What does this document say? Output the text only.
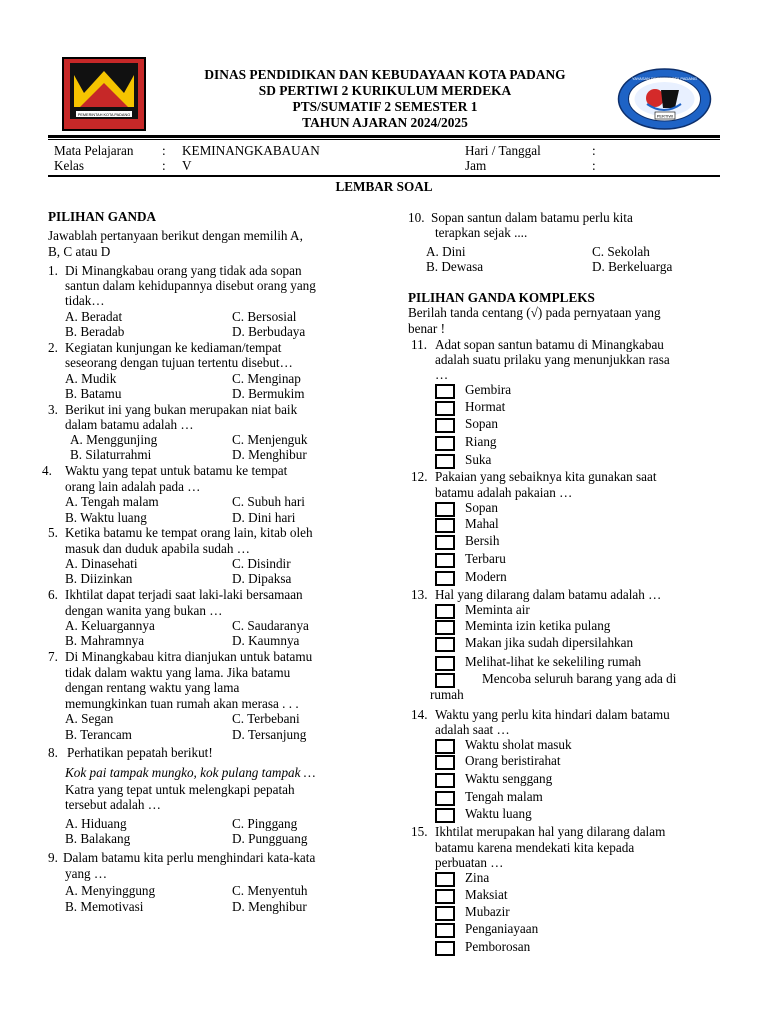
PEMERINTAH KOTA PADANG	PERTIWI
YAYASAN PERTIWI KOTA PADANG
DINAS PENDIDIKAN DAN KEBUDAYAAN KOTA PADANG
SD PERTIWI 2 KURIKULUM MERDEKA
PTS/SUMATIF 2 SEMESTER 1
TAHUN AJARAN 2024/2025
Mata Pelajaran : KEMINANGKABAUAN
Kelas	: V
Hari / Tanggal	:
Jam	:
LEMBAR SOAL
PILIHAN GANDA
Jawablah pertanyaan berikut dengan memilih A,
B, C atau D
1. Di Minangkabau orang yang tidak ada sopan
santun dalam kehidupannya disebut orang yang
tidak…
A. Beradat	C. Bersosial
B. Beradab	D. Berbudaya
2. Kegiatan kunjungan ke kediaman/tempat
seseorang dengan tujuan tertentu disebut…
A. Mudik	C. Menginap
B. Batamu	D. Bermukim
3. Berikut ini yang bukan merupakan niat baik
dalam batamu adalah …
A. Menggunjing	C. Menjenguk
B. Silaturrahmi	D. Menghibur
4. Waktu yang tepat untuk batamu ke tempat
orang lain adalah pada …
A. Tengah malam	C. Subuh hari
B. Waktu luang	D. Dini hari
5. Ketika batamu ke tempat orang lain, kitab oleh
masuk dan duduk apabila sudah …
A. Dinasehati	C. Disindir
B. Diizinkan	D. Dipaksa
6. Ikhtilat dapat terjadi saat laki-laki bersamaan
dengan wanita yang bukan …
A. Keluargannya	C. Saudaranya
B. Mahramnya	D. Kaumnya
7. Di Minangkabau kitra dianjukan untuk batamu
tidak dalam waktu yang lama. Jika batamu
dengan rentang waktu yang lama
memungkinkan tuan rumah akan merasa . . .
A. Segan	C. Terbebani
B. Terancam	D. Tersanjung
8. Perhatikan pepatah berikut!
Kok pai tampak mungko, kok pulang tampak …
Katra yang tepat untuk melengkapi pepatah
tersebut adalah …
A. Hiduang	C. Pinggang
B. Balakang	D. Pungguang
9. Dalam batamu kita perlu menghindari kata-kata
yang …
A. Menyinggung	C. Menyentuh
B. Memotivasi	D. Menghibur
10. Sopan santun dalam batamu perlu kita
terapkan sejak ....
A. Dini	C. Sekolah
B. Dewasa	D. Berkeluarga
PILIHAN GANDA KOMPLEKS
Berilah tanda centang (√) pada pernyataan yang
benar !
11. Adat sopan santun batamu di Minangkabau
adalah suatu prilaku yang menunjukkan rasa
…
Gembira
Hormat
Sopan
Riang
Suka
12. Pakaian yang sebaiknya kita gunakan saat
batamu adalah pakaian …
Sopan
Mahal
Bersih
Terbaru
Modern
13. Hal yang dilarang dalam batamu adalah …
Meminta air
Meminta izin ketika pulang
Makan jika sudah dipersilahkan
Melihat-lihat ke sekeliling rumah
Mencoba seluruh barang yang ada di
rumah
14. Waktu yang perlu kita hindari dalam batamu
adalah saat …
Waktu sholat masuk
Orang beristirahat
Waktu senggang
Tengah malam
Waktu luang
15. Ikhtilat merupakan hal yang dilarang dalam
batamu karena mendekati kita kepada
perbuatan …
Zina
Maksiat
Mubazir
Penganiayaan
Pemborosan
